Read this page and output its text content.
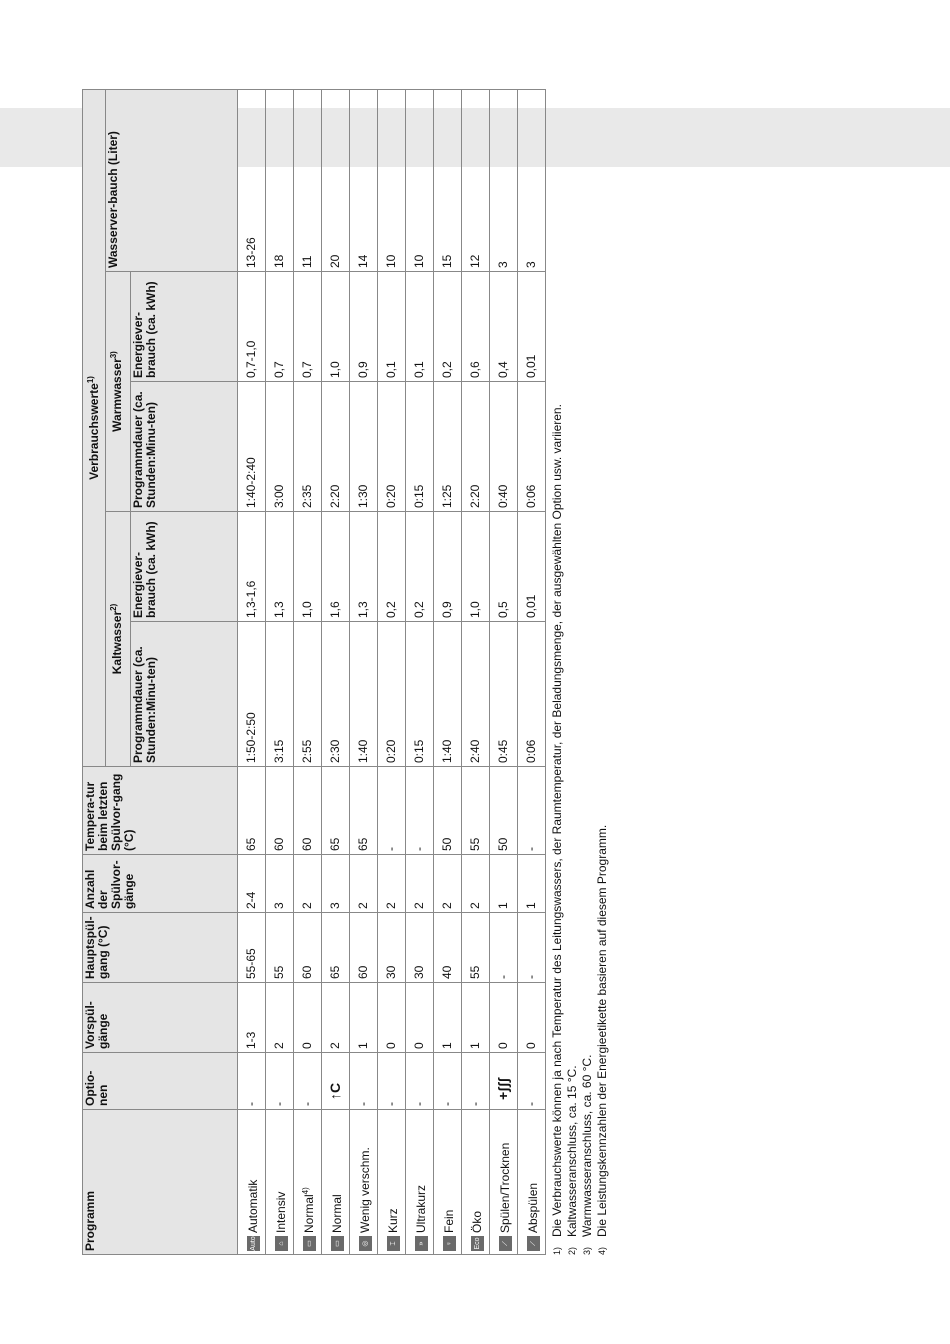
Programm	Optio-nen	Vorspül-gänge	Hauptspül-gang (°C)	Anzahl der Spülvor-gänge	Tempera-tur beim letzten Spülvor-gang (°C)	Verbrauchswerte$^{1)}$
						Kaltwasser$^{2)}$		Warmwasser$^{3)}$		Wasserver-bauch (Liter)
						Programmdauer (ca. Stunden:Minu-ten)	Energiever-brauch (ca. kWh)	Programmdauer (ca. Stunden:Minu-ten)	Energiever-brauch (ca. kWh)	
AutoAutomatik	-	1-3	55-65	2-4	65	1:50-2:50	1,3-1,6	1:40-2:40	0,7-1,0	13-26
⌂Intensiv	-	2	55	3	60	3:15	1,3	3:00	0,7	18
▭Normal$^{4)}$	-	0	60	2	60	2:55	1,0	2:35	0,7	11
▭Normal	↑C	2	65	3	65	2:30	1,6	2:20	1,0	20
◎Wenig verschm.	-	1	60	2	65	1:40	1,3	1:30	0,9	14
⌶Kurz	-	0	30	2	-	0:20	0,2	0:20	0,1	10
»Ultrakurz	-	0	30	2	-	0:15	0,2	0:15	0,1	10
♀Fein	-	1	40	2	50	1:40	0,9	1:25	0,2	15
EcoÖko	-	1	55	2	55	2:40	1,0	2:20	0,6	12
⟋Spülen/Trocknen	+ʃʃʃ	0	-	1	50	0:45	0,5	0:40	0,4	3
⟋Abspülen	-	0	-	1	-	0:06	0,01	0:06	0,01	3
1)
Die Verbrauchswerte können ja nach Temperatur des Leitungswassers, der Raumtemperatur, der Beladungsmenge, der ausgewählten Option usw. variieren.
2)
Kaltwasseranschluss, ca. 15 °C.
3)
Warmwasseranschluss, ca. 60 °C.
4)
Die Leistungskennzahlen der Energieetikette basieren auf diesem Programm.
